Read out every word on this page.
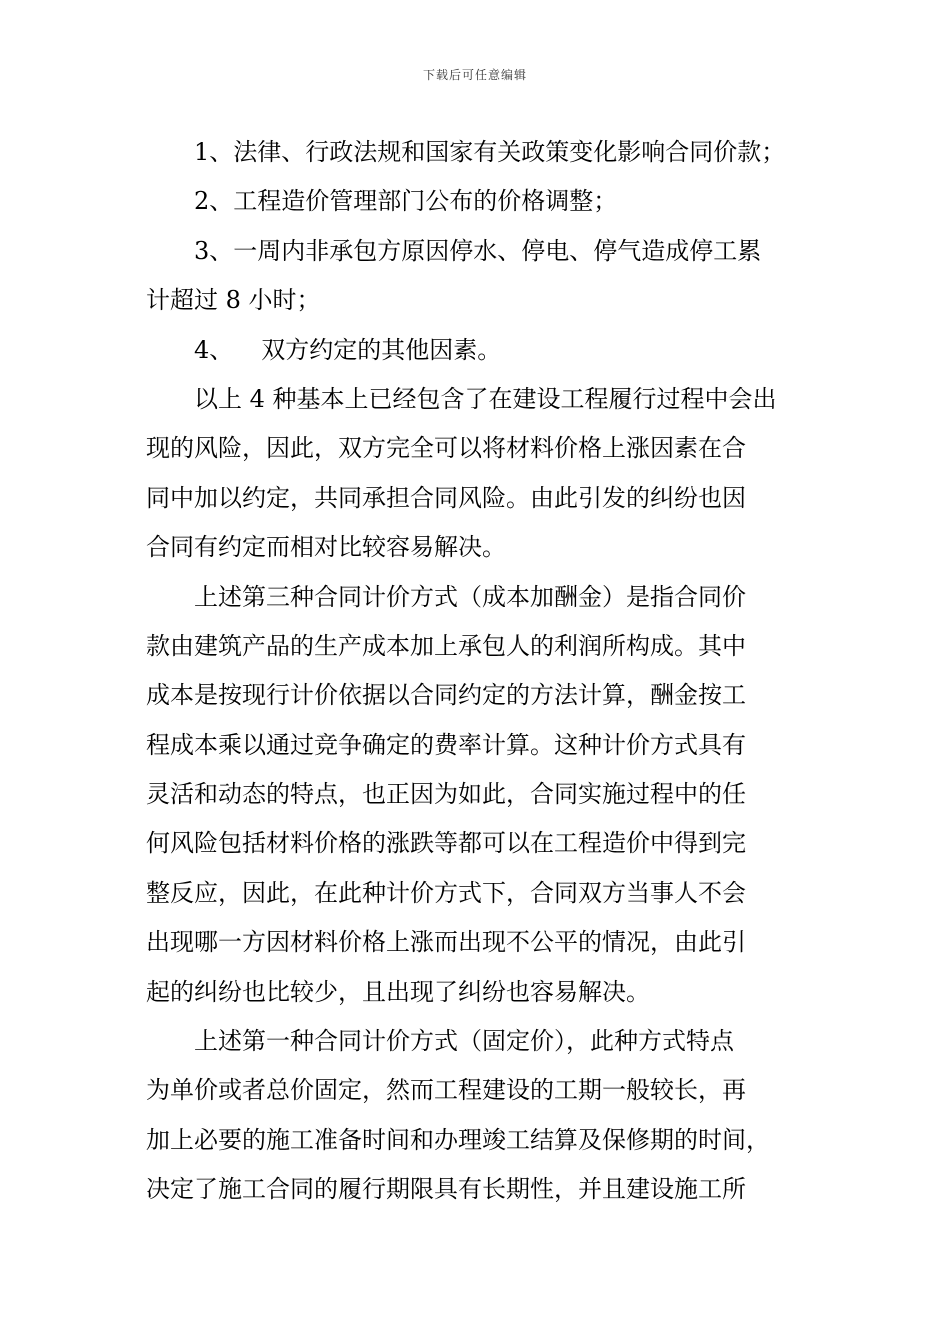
下载后可任意编辑
1、法律、行政法规和国家有关政策变化影响合同价款；
2、工程造价管理部门公布的价格调整；
3、一周内非承包方原因停水、停电、停气造成停工累
计超过 8 小时；
4、 双方约定的其他因素。
以上 4 种基本上已经包含了在建设工程履行过程中会出
现的风险，因此，双方完全可以将材料价格上涨因素在合
同中加以约定，共同承担合同风险。由此引发的纠纷也因
合同有约定而相对比较容易解决。
上述第三种合同计价方式（成本加酬金）是指合同价
款由建筑产品的生产成本加上承包人的利润所构成。其中
成本是按现行计价依据以合同约定的方法计算，酬金按工
程成本乘以通过竞争确定的费率计算。这种计价方式具有
灵活和动态的特点，也正因为如此，合同实施过程中的任
何风险包括材料价格的涨跌等都可以在工程造价中得到完
整反应，因此，在此种计价方式下，合同双方当事人不会
出现哪一方因材料价格上涨而出现不公平的情况，由此引
起的纠纷也比较少，且出现了纠纷也容易解决。
上述第一种合同计价方式（固定价），此种方式特点
为单价或者总价固定，然而工程建设的工期一般较长，再
加上必要的施工准备时间和办理竣工结算及保修期的时间，
决定了施工合同的履行期限具有长期性，并且建设施工所
